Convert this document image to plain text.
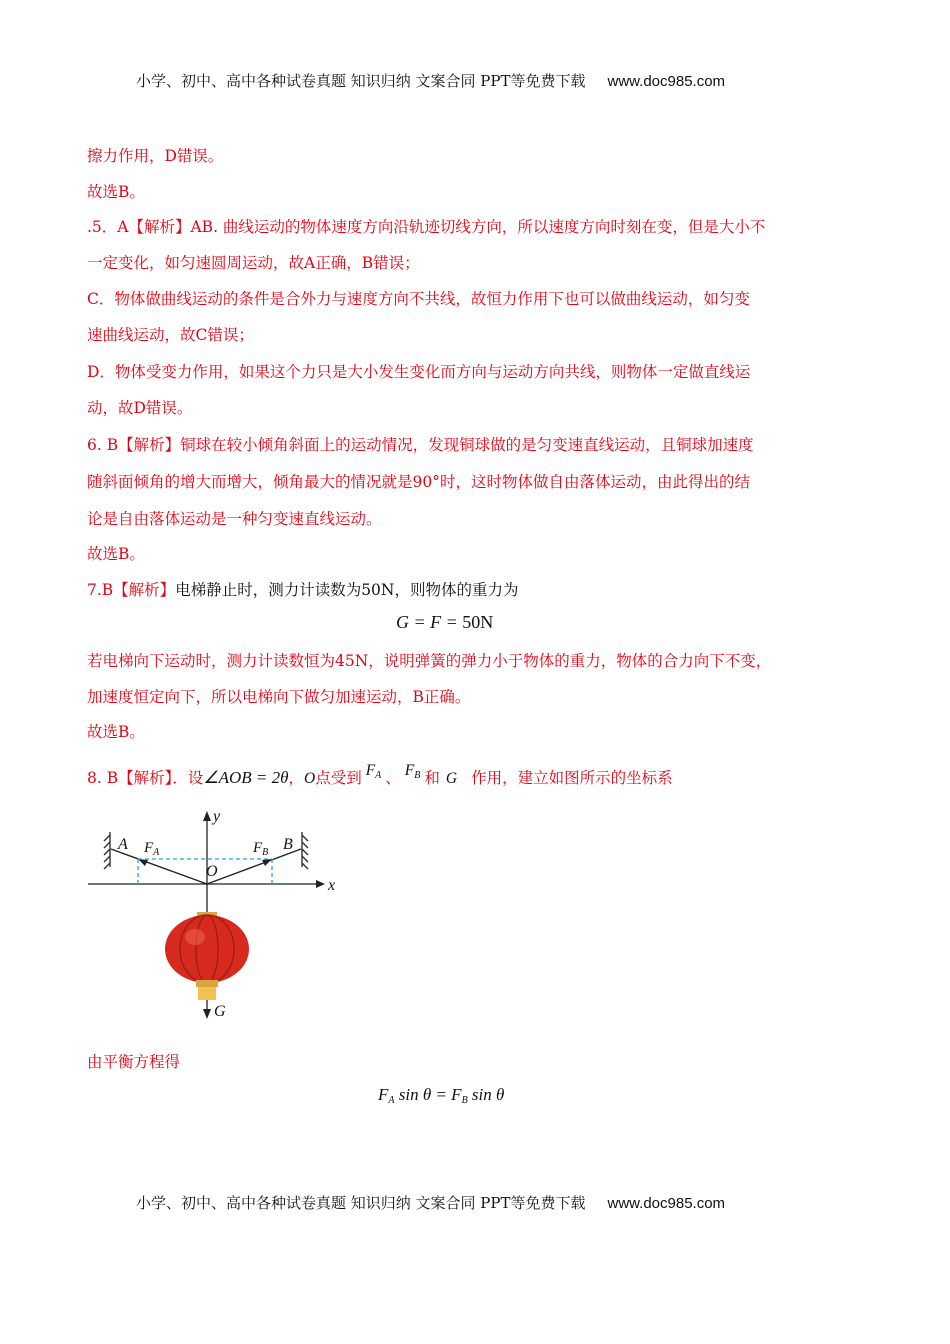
小学、初中、高中各种试卷真题 知识归纳 文案合同 PPT等免费下载 www.doc985.com
擦力作用，D错误。
故选B。
.5．A【解析】AB. 曲线运动的物体速度方向沿轨迹切线方向，所以速度方向时刻在变，但是大小不
一定变化，如匀速圆周运动，故A正确，B错误；
C．物体做曲线运动的条件是合外力与速度方向不共线，故恒力作用下也可以做曲线运动，如匀变
速曲线运动，故C错误；
D．物体受变力作用，如果这个力只是大小发生变化而方向与运动方向共线，则物体一定做直线运
动，故D错误。
6. B【解析】铜球在较小倾角斜面上的运动情况，发现铜球做的是匀变速直线运动，且铜球加速度
随斜面倾角的增大而增大，倾角最大的情况就是90°时，这时物体做自由落体运动，由此得出的结
论是自由落体运动是一种匀变速直线运动。
故选B。
7.B【解析】电梯静止时，测力计读数为50N，则物体的重力为
G = F = 50N
若电梯向下运动时，测力计读数恒为45N，说明弹簧的弹力小于物体的重力，物体的合力向下不变，
加速度恒定向下，所以电梯向下做匀加速运动，B正确。
故选B。
8. B【解析】．设∠AOB = 2θ，O点受到 $F^A$ 、 $F^B$ 和 G 作用，建立如图所示的坐标系
y
x
A	B
O
$F_A$	$F_B$
G
由平衡方程得
$F_A$ $\sin \theta = F_B$ sin θ
小学、初中、高中各种试卷真题 知识归纳 文案合同 PPT等免费下载 www.doc985.com
